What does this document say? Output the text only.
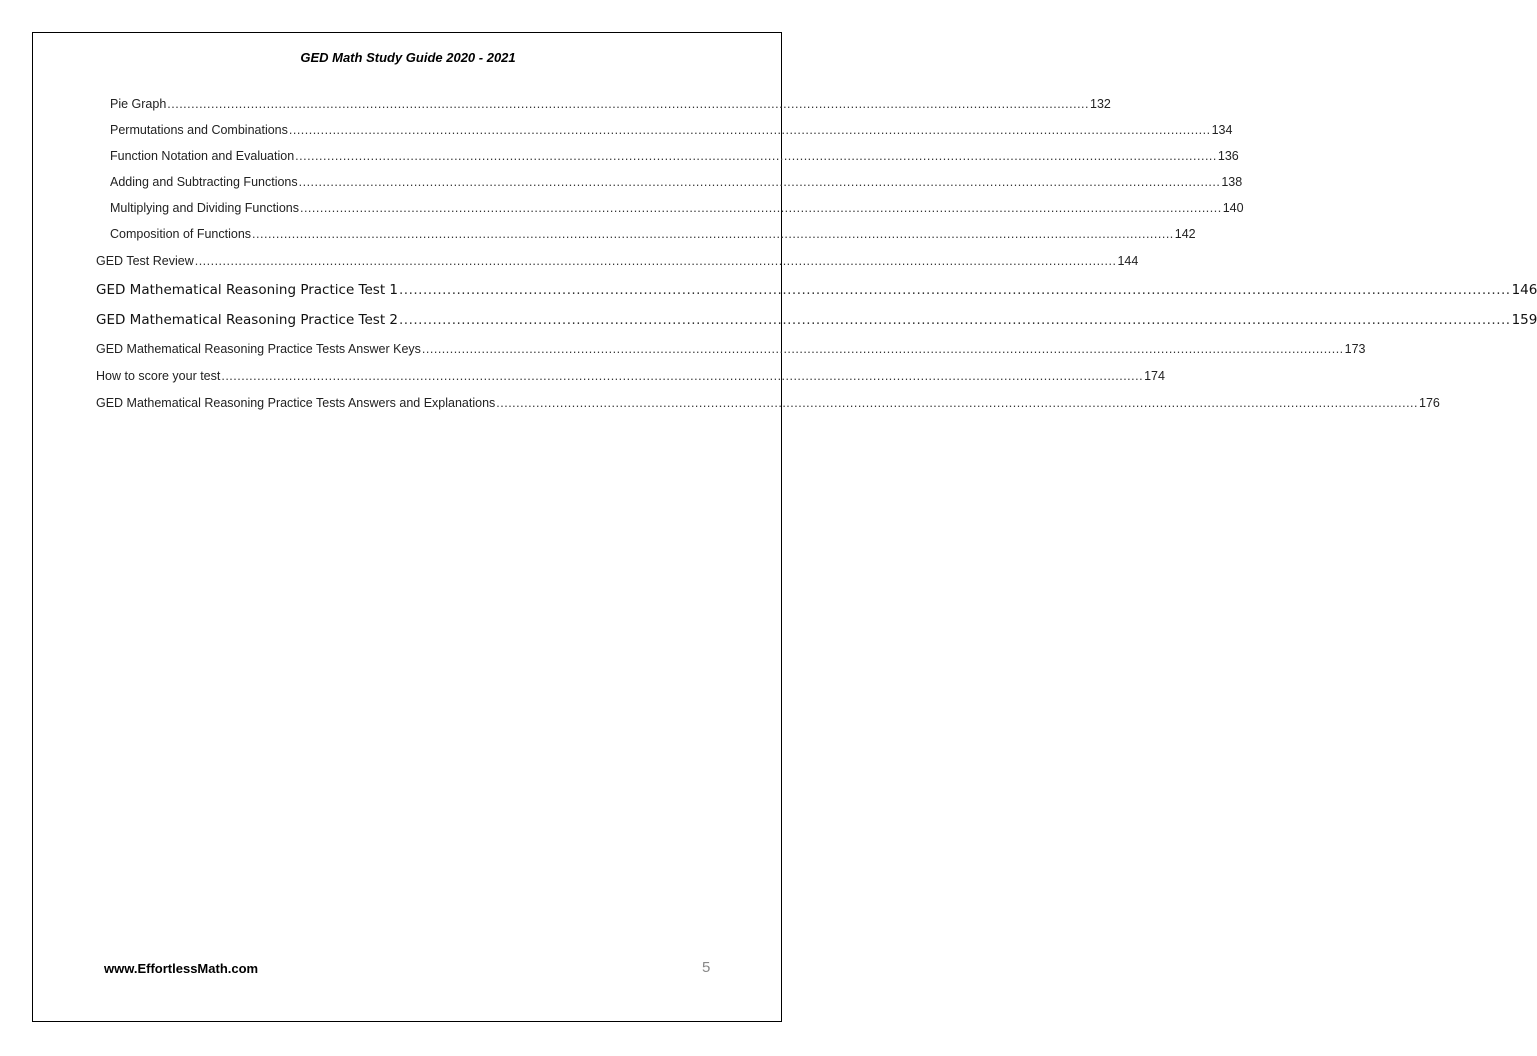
GED Math Study Guide 2020 - 2021
Pie Graph ........................................................................................................................................................................................................................................ 132
Permutations and Combinations ........................................................................................................................................................................................................................................ 134
Function Notation and Evaluation ........................................................................................................................................................................................................................................ 136
Adding and Subtracting Functions ........................................................................................................................................................................................................................................ 138
Multiplying and Dividing Functions ........................................................................................................................................................................................................................................ 140
Composition of Functions ........................................................................................................................................................................................................................................ 142
GED Test Review ........................................................................................................................................................................................................................................ 144
GED Mathematical Reasoning Practice Test 1 ........................................................................................................................................................................................................................................ 146
GED Mathematical Reasoning Practice Test 2 ........................................................................................................................................................................................................................................ 159
GED Mathematical Reasoning Practice Tests Answer Keys ........................................................................................................................................................................................................................................ 173
How to score your test ........................................................................................................................................................................................................................................ 174
GED Mathematical Reasoning Practice Tests Answers and Explanations ........................................................................................................................................................................................................................................ 176
www.EffortlessMath.com	5
